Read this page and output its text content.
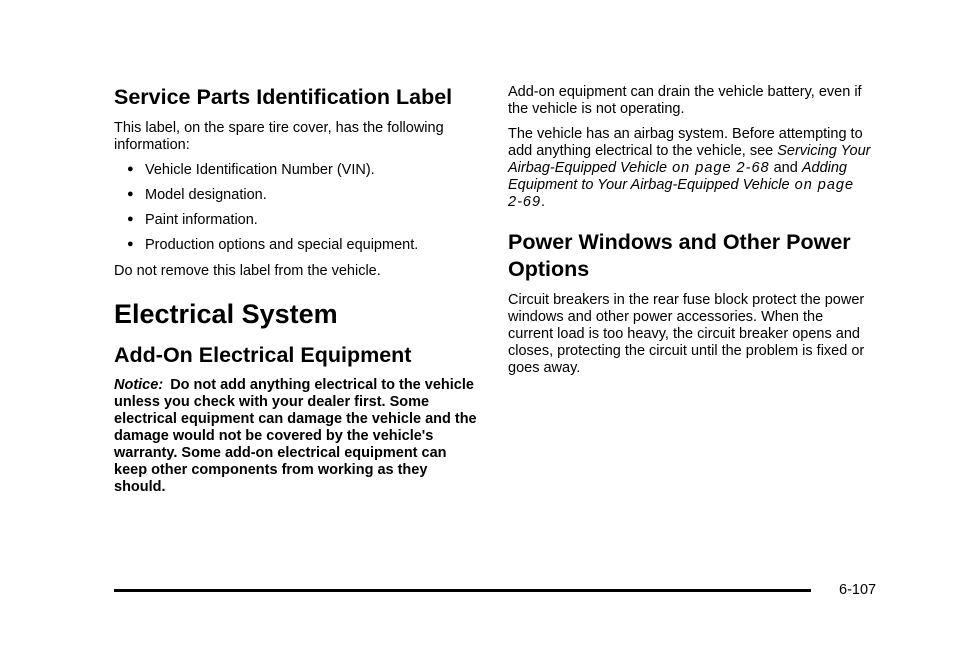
Service Parts Identification Label

This label, on the spare tire cover, has the following information:

● Vehicle Identification Number (VIN).
● Model designation.
● Paint information.
● Production options and special equipment.

Do not remove this label from the vehicle.

Electrical System
Add-On Electrical Equipment

Notice: Do not add anything electrical to the vehicle unless you check with your dealer first. Some electrical equipment can damage the vehicle and the damage would not be covered by the vehicle's warranty. Some add-on electrical equipment can keep other components from working as they should.

Add-on equipment can drain the vehicle battery, even if the vehicle is not operating.

The vehicle has an airbag system. Before attempting to add anything electrical to the vehicle, see Servicing Your Airbag-Equipped Vehicle on page 2-68 and Adding Equipment to Your Airbag-Equipped Vehicle on page 2-69.

Power Windows and Other Power
Options

Circuit breakers in the rear fuse block protect the power windows and other power accessories. When the current load is too heavy, the circuit breaker opens and closes, protecting the circuit until the problem is fixed or goes away.

6-107
